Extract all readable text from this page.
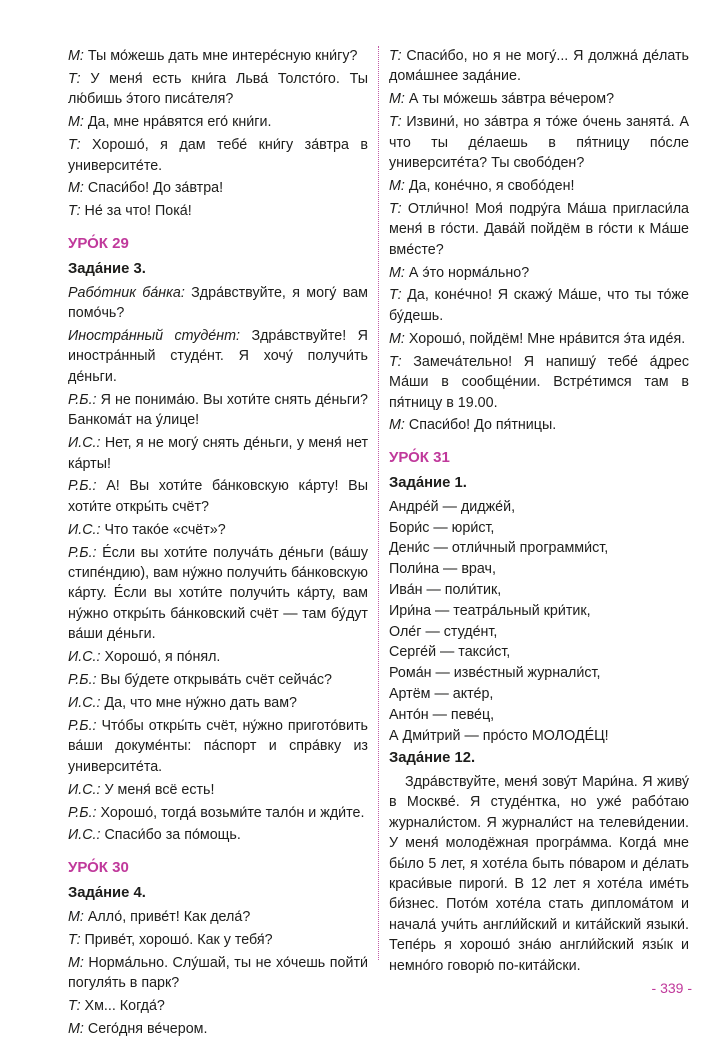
М: Ты мо́жешь дать мне интере́сную кни́гу?

Т: У меня́ есть кни́га Льва́ Толсто́го. Ты лю́бишь э́того писа́теля?

М: Да, мне нра́вятся его́ кни́ги.

Т: Хорошо́, я дам тебе́ кни́гу за́втра в университе́те.

М: Спаси́бо! До за́втра!

Т: Не́ за что! Пока́!

УРО́К 29
Зада́ние 3.

Рабо́тник ба́нка: Здра́вствуйте, я могу́ вам помо́чь?

Иностра́нный студе́нт: Здра́вствуйте! Я иностра́нный студе́нт. Я хочу́ получи́ть де́ньги.

Р.Б.: Я не понима́ю. Вы хоти́те снять де́ньги? Банкома́т на у́лице!

И.С.: Нет, я не могу́ снять де́ньги, у меня́ нет ка́рты!

Р.Б.: А! Вы хоти́те ба́нковскую ка́рту! Вы хоти́те откры́ть счёт?

И.С.: Что тако́е «счёт»?

Р.Б.: Е́сли вы хоти́те получа́ть де́ньги (ва́шу стипе́ндию), вам ну́жно получи́ть ба́нковскую ка́рту. Е́сли вы хоти́те получи́ть ка́рту, вам ну́жно откры́ть ба́нковский счёт — там бу́дут ва́ши де́ньги.

И.С.: Хорошо́, я по́нял.

Р.Б.: Вы бу́дете открыва́ть счёт сейча́с?

И.С.: Да, что мне ну́жно дать вам?

Р.Б.: Что́бы откры́ть счёт, ну́жно пригото́вить ва́ши докуме́нты: па́спорт и спра́вку из университе́та.

И.С.: У меня́ всё есть!

Р.Б.: Хорошо́, тогда́ возьми́те тало́н и жди́те.

И.С.: Спаси́бо за по́мощь.

УРО́К 30
Зада́ние 4.

М: Алло́, приве́т! Как дела́?

Т: Приве́т, хорошо́. Как у тебя́?

М: Норма́льно. Слу́шай, ты не хо́чешь пойти́ погуля́ть в парк?

Т: Хм... Когда́?

М: Сего́дня ве́чером.

Т: Спаси́бо, но я не могу́... Я должна́ де́лать дома́шнее зада́ние.

М: А ты мо́жешь за́втра ве́чером?

Т: Извини́, но за́втра я то́же о́чень занята́. А что ты де́лаешь в пя́тницу по́сле университе́та? Ты свобо́ден?

М: Да, коне́чно, я свобо́ден!

Т: Отли́чно! Моя́ подру́га Ма́ша пригласи́ла меня́ в го́сти. Дава́й пойдём в го́сти к Ма́ше вме́сте?

М: А э́то норма́льно?

Т: Да, коне́чно! Я скажу́ Ма́ше, что ты то́же бу́дешь.

М: Хорошо́, пойдём! Мне нра́вится э́та иде́я.

Т: Замеча́тельно! Я напишу́ тебе́ а́дрес Ма́ши в сообще́нии. Встре́тимся там в пя́тницу в 19.00.

М: Спаси́бо! До пя́тницы.

УРО́К 31
Зада́ние 1.
Андре́й — дидже́й,
Бори́с — юри́ст,
Дени́с — отли́чный программи́ст,
Поли́на — врач,
Ива́н — поли́тик,
Ири́на — театра́льный кри́тик,
Оле́г — студе́нт,
Серге́й — такси́ст,
Рома́н — изве́стный журнали́ст,
Артём — акте́р,
Анто́н — певе́ц,
А Дми́трий — про́сто МОЛОДЕ́Ц!
Зада́ние 12.

Здра́вствуйте, меня́ зову́т Мари́на. Я живу́ в Москве́. Я студе́нтка, но уже́ рабо́таю журнали́стом. Я журнали́ст на телеви́дении. У меня́ молодёжная програ́мма. Когда́ мне бы́ло 5 лет, я хоте́ла быть по́варом и де́лать краси́вые пироги́. В 12 лет я хоте́ла име́ть би́знес. Пото́м хоте́ла стать диплома́том и начала́ учи́ть англи́йский и кита́йский языки́. Тепе́рь я хорошо́ зна́ю англи́йский язы́к и немно́го говорю́ по-кита́йски.

- 339 -
